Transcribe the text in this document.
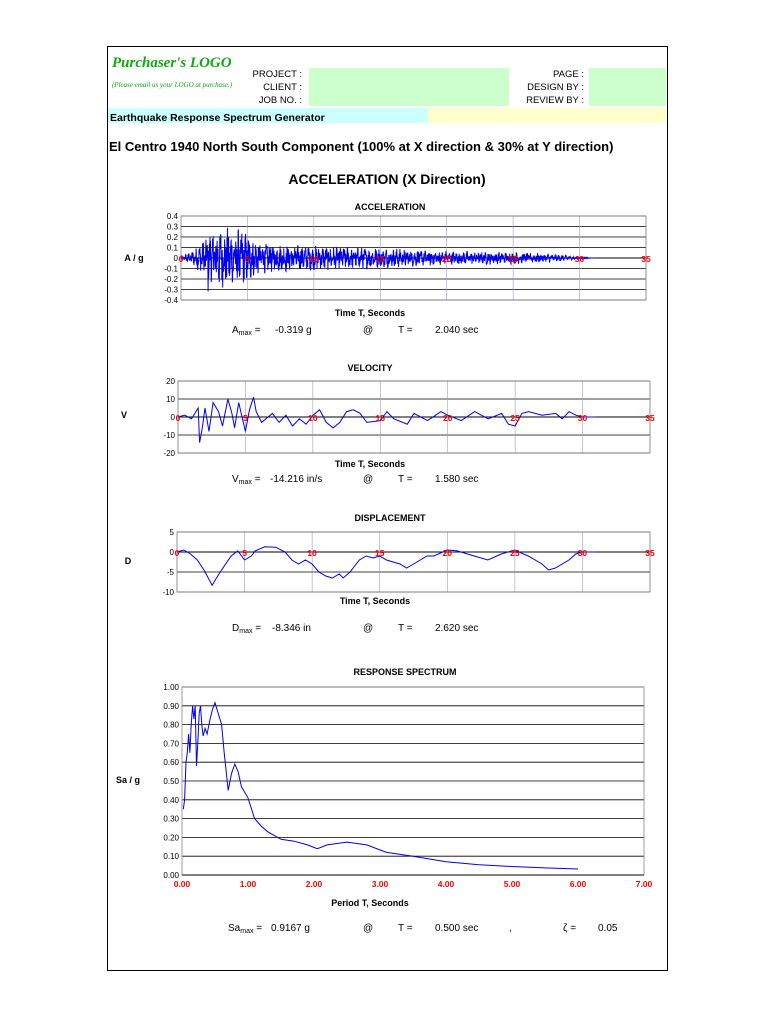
Purchaser's LOGO
(Please email us your LOGO at purchase.)
PROJECT :
CLIENT :
JOB NO. :
PAGE :
DESIGN BY :
REVIEW BY :
Earthquake Response Spectrum Generator
El Centro 1940 North South Component (100% at X direction & 30% at Y direction)
ACCELERATION (X Direction)
ACCELERATION
A / g
0.4
0.3
0.2
0.1
0
-0.1
-0.2
-0.3
-0.4
0	5	10	15	20	25	30	35
Time T, Seconds
VELOCITY
V
20
10
0
-10
-20
0	5	10	15	20	25	30	35
Time T, Seconds
DISPLACEMENT
D
5
0
-5
-10
0	5	10	15	20	25	30	35
Time T, Seconds
RESPONSE SPECTRUM
Sa / g
1.00
0.90
0.80
0.70
0.60
0.50
0.40
0.30
0.20
0.10
0.00
0.00	1.00	2.00	3.00	4.00	5.00	6.00	7.00
Period T, Seconds
$A_{max} = -0.319$ g	@ T = 2.040 sec
$V_{max} = -14.216$ in/s	@ T = 1.580 sec
$D_{max} = -8.346$ in	@ T = 2.620 sec
$Sa_{max} = 0.9167$ g	@ T = 0.500 sec	,	ζ = 0.05
